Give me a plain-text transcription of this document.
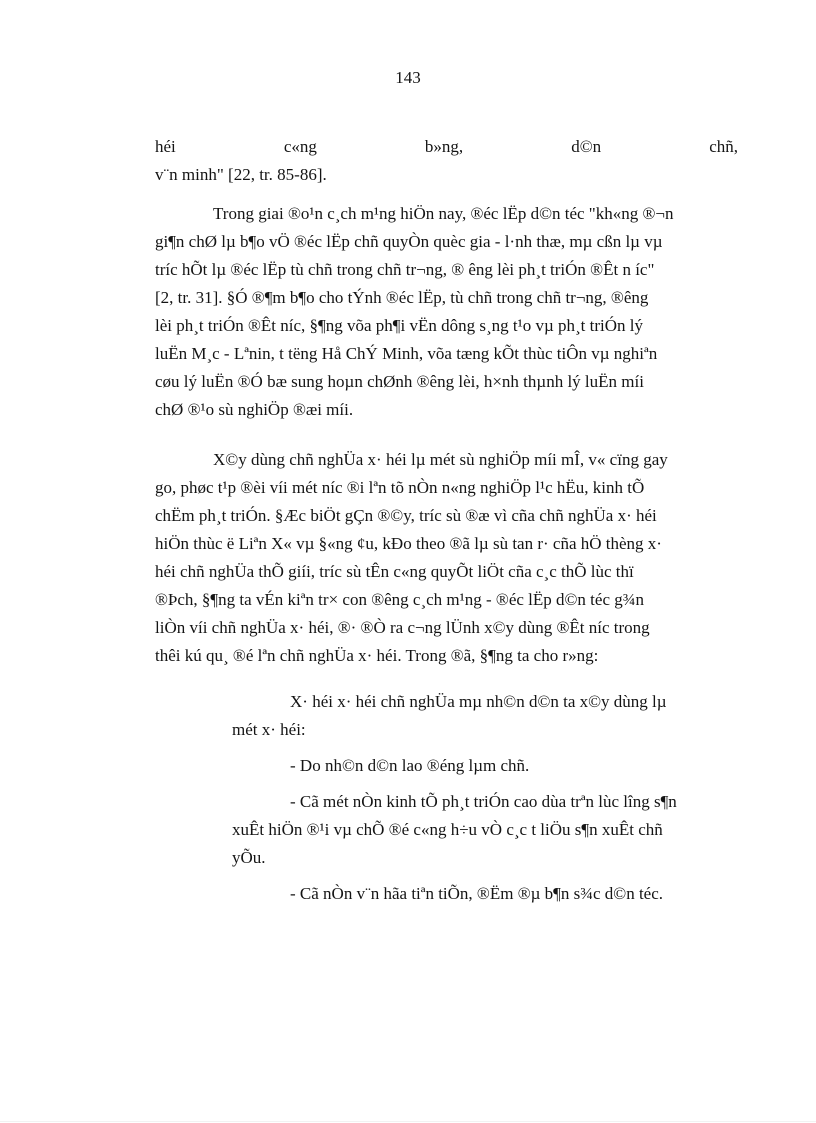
143
héi	c«ng	b»ng,	d©n	chñ,
v¨n minh" [22, tr. 85-86].
Trong giai ®o¹n c¸ch m¹ng hiÖn nay, ®éc lËp d©n téc "kh«ng ®¬n
gi¶n chØ lµ b¶o vÖ ®éc lËp chñ quyÒn quèc gia - l·nh thæ, mµ cßn lµ vµ
tríc hÕt lµ ®éc lËp tù chñ trong chñ tr¬ng, ® êng lèi ph¸t triÓn ®Êt n íc"
[2, tr. 31]. §Ó ®¶m b¶o cho tÝnh ®éc lËp, tù chñ trong chñ tr¬ng, ®êng
lèi ph¸t triÓn ®Êt níc, §¶ng võa ph¶i vËn dông s¸ng t¹o vµ ph¸t triÓn lý
luËn M¸c - Lªnin, t tëng Hå ChÝ Minh, võa tæng kÕt thùc tiÔn vµ nghiªn
cøu lý luËn ®Ó bæ sung hoµn chØnh ®êng lèi, h×nh thµnh lý luËn míi
chØ ®¹o sù nghiÖp ®æi míi.
X©y dùng chñ nghÜa x· héi lµ mét sù nghiÖp míi mÎ, v« cïng gay
go, phøc t¹p ®èi víi mét níc ®i lªn tõ nÒn n«ng nghiÖp l¹c hËu, kinh tÕ
chËm ph¸t triÓn. §Æc biÖt gÇn ®©y, tríc sù ®æ vì cña chñ nghÜa x· héi
hiÖn thùc ë Liªn X« vµ §«ng ¢u, kÐo theo ®ã lµ sù tan r· cña hÖ thèng x·
héi chñ nghÜa thÕ giíi, tríc sù tÊn c«ng quyÕt liÖt cña c¸c thÕ lùc thï
®Þch, §¶ng ta vÉn kiªn tr× con ®êng c¸ch m¹ng - ®éc lËp d©n téc g¾n
liÒn víi chñ nghÜa x· héi, ®· ®Ò ra c¬ng lÜnh x©y dùng ®Êt níc trong
thêi kú qu¸ ®é lªn chñ nghÜa x· héi. Trong ®ã, §¶ng ta cho r»ng:
X· héi x· héi chñ nghÜa mµ nh©n d©n ta x©y dùng lµ
mét x· héi:
- Do nh©n d©n lao ®éng lµm chñ.
- Cã mét nÒn kinh tÕ ph¸t triÓn cao dùa trªn lùc lîng s¶n
xuÊt hiÖn ®¹i vµ chÕ ®é c«ng h÷u vÒ c¸c t liÖu s¶n xuÊt chñ
yÕu.
- Cã nÒn v¨n hãa tiªn tiÕn, ®Ëm ®µ b¶n s¾c d©n téc.
